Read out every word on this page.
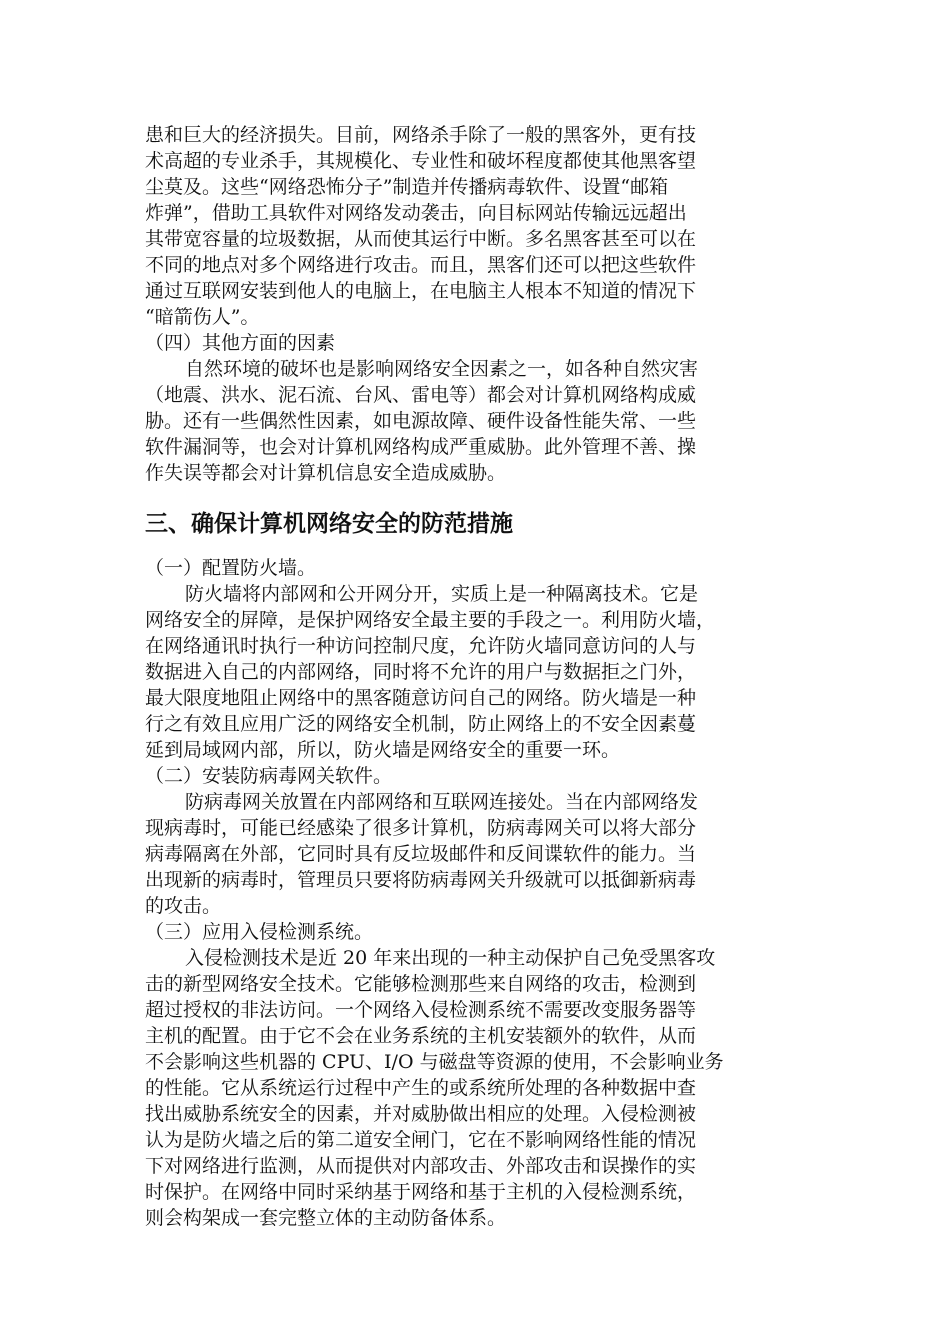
患和巨大的经济损失。目前，网络杀手除了一般的黑客外，更有技
术高超的专业杀手，其规模化、专业性和破坏程度都使其他黑客望
尘莫及。这些“网络恐怖分子”制造并传播病毒软件、设置“邮箱
炸弹”，借助工具软件对网络发动袭击，向目标网站传输远远超出
其带宽容量的垃圾数据，从而使其运行中断。多名黑客甚至可以在
不同的地点对多个网络进行攻击。而且，黑客们还可以把这些软件
通过互联网安装到他人的电脑上，在电脑主人根本不知道的情况下
“暗箭伤人”。
（四）其他方面的因素
自然环境的破坏也是影响网络安全因素之一，如各种自然灾害
（地震、洪水、泥石流、台风、雷电等）都会对计算机网络构成威
胁。还有一些偶然性因素，如电源故障、硬件设备性能失常、一些
软件漏洞等，也会对计算机网络构成严重威胁。此外管理不善、操
作失误等都会对计算机信息安全造成威胁。
三、确保计算机网络安全的防范措施
（一）配置防火墙。
防火墙将内部网和公开网分开，实质上是一种隔离技术。它是
网络安全的屏障，是保护网络安全最主要的手段之一。利用防火墙，
在网络通讯时执行一种访问控制尺度，允许防火墙同意访问的人与
数据进入自己的内部网络，同时将不允许的用户与数据拒之门外，
最大限度地阻止网络中的黑客随意访问自己的网络。防火墙是一种
行之有效且应用广泛的网络安全机制，防止网络上的不安全因素蔓
延到局域网内部，所以，防火墙是网络安全的重要一环。
（二）安装防病毒网关软件。
防病毒网关放置在内部网络和互联网连接处。当在内部网络发
现病毒时，可能已经感染了很多计算机，防病毒网关可以将大部分
病毒隔离在外部，它同时具有反垃圾邮件和反间谍软件的能力。当
出现新的病毒时，管理员只要将防病毒网关升级就可以抵御新病毒
的攻击。
（三）应用入侵检测系统。
入侵检测技术是近 20 年来出现的一种主动保护自己免受黑客攻
击的新型网络安全技术。它能够检测那些来自网络的攻击，检测到
超过授权的非法访问。一个网络入侵检测系统不需要改变服务器等
主机的配置。由于它不会在业务系统的主机安装额外的软件，从而
不会影响这些机器的 CPU、I/O 与磁盘等资源的使用，不会影响业务
的性能。它从系统运行过程中产生的或系统所处理的各种数据中查
找出威胁系统安全的因素，并对威胁做出相应的处理。入侵检测被
认为是防火墙之后的第二道安全闸门，它在不影响网络性能的情况
下对网络进行监测，从而提供对内部攻击、外部攻击和误操作的实
时保护。在网络中同时采纳基于网络和基于主机的入侵检测系统，
则会构架成一套完整立体的主动防备体系。
